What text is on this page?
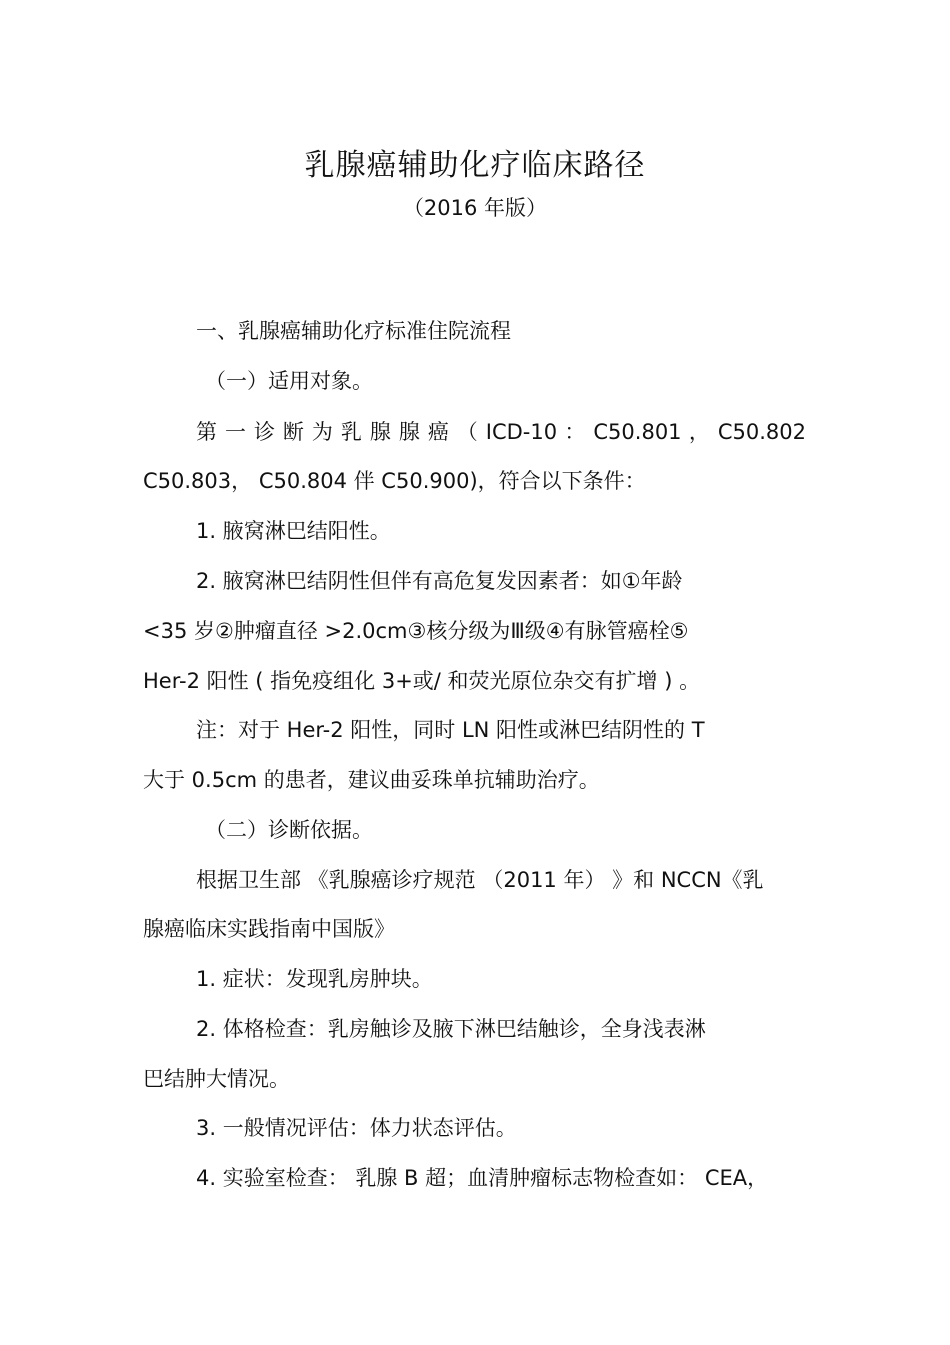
乳腺癌辅助化疗临床路径
（2016 年版）
一、乳腺癌辅助化疗标准住院流程
（一）适用对象。
第 一 诊 断 为 乳 腺 腺 癌 （ ICD-10 ： C50.801 ， C50.802
C50.803， C50.804 伴 C50.900)，符合以下条件：
1. 腋窝淋巴结阳性。
2. 腋窝淋巴结阴性但伴有高危复发因素者：如①年龄
<35 岁②肿瘤直径 >2.0cm③核分级为Ⅲ级④有脉管癌栓⑤
Her-2 阳性 ( 指免疫组化 3+或/ 和荧光原位杂交有扩增 ) 。
注：对于 Her-2 阳性，同时 LN 阳性或淋巴结阴性的 T
大于 0.5cm 的患者，建议曲妥珠单抗辅助治疗。
（二）诊断依据。
根据卫生部 《乳腺癌诊疗规范 （2011 年） 》和 NCCN《乳
腺癌临床实践指南中国版》
1. 症状：发现乳房肿块。
2. 体格检查：乳房触诊及腋下淋巴结触诊，全身浅表淋
巴结肿大情况。
3. 一般情况评估：体力状态评估。
4. 实验室检查： 乳腺 B 超；血清肿瘤标志物检查如： CEA，
